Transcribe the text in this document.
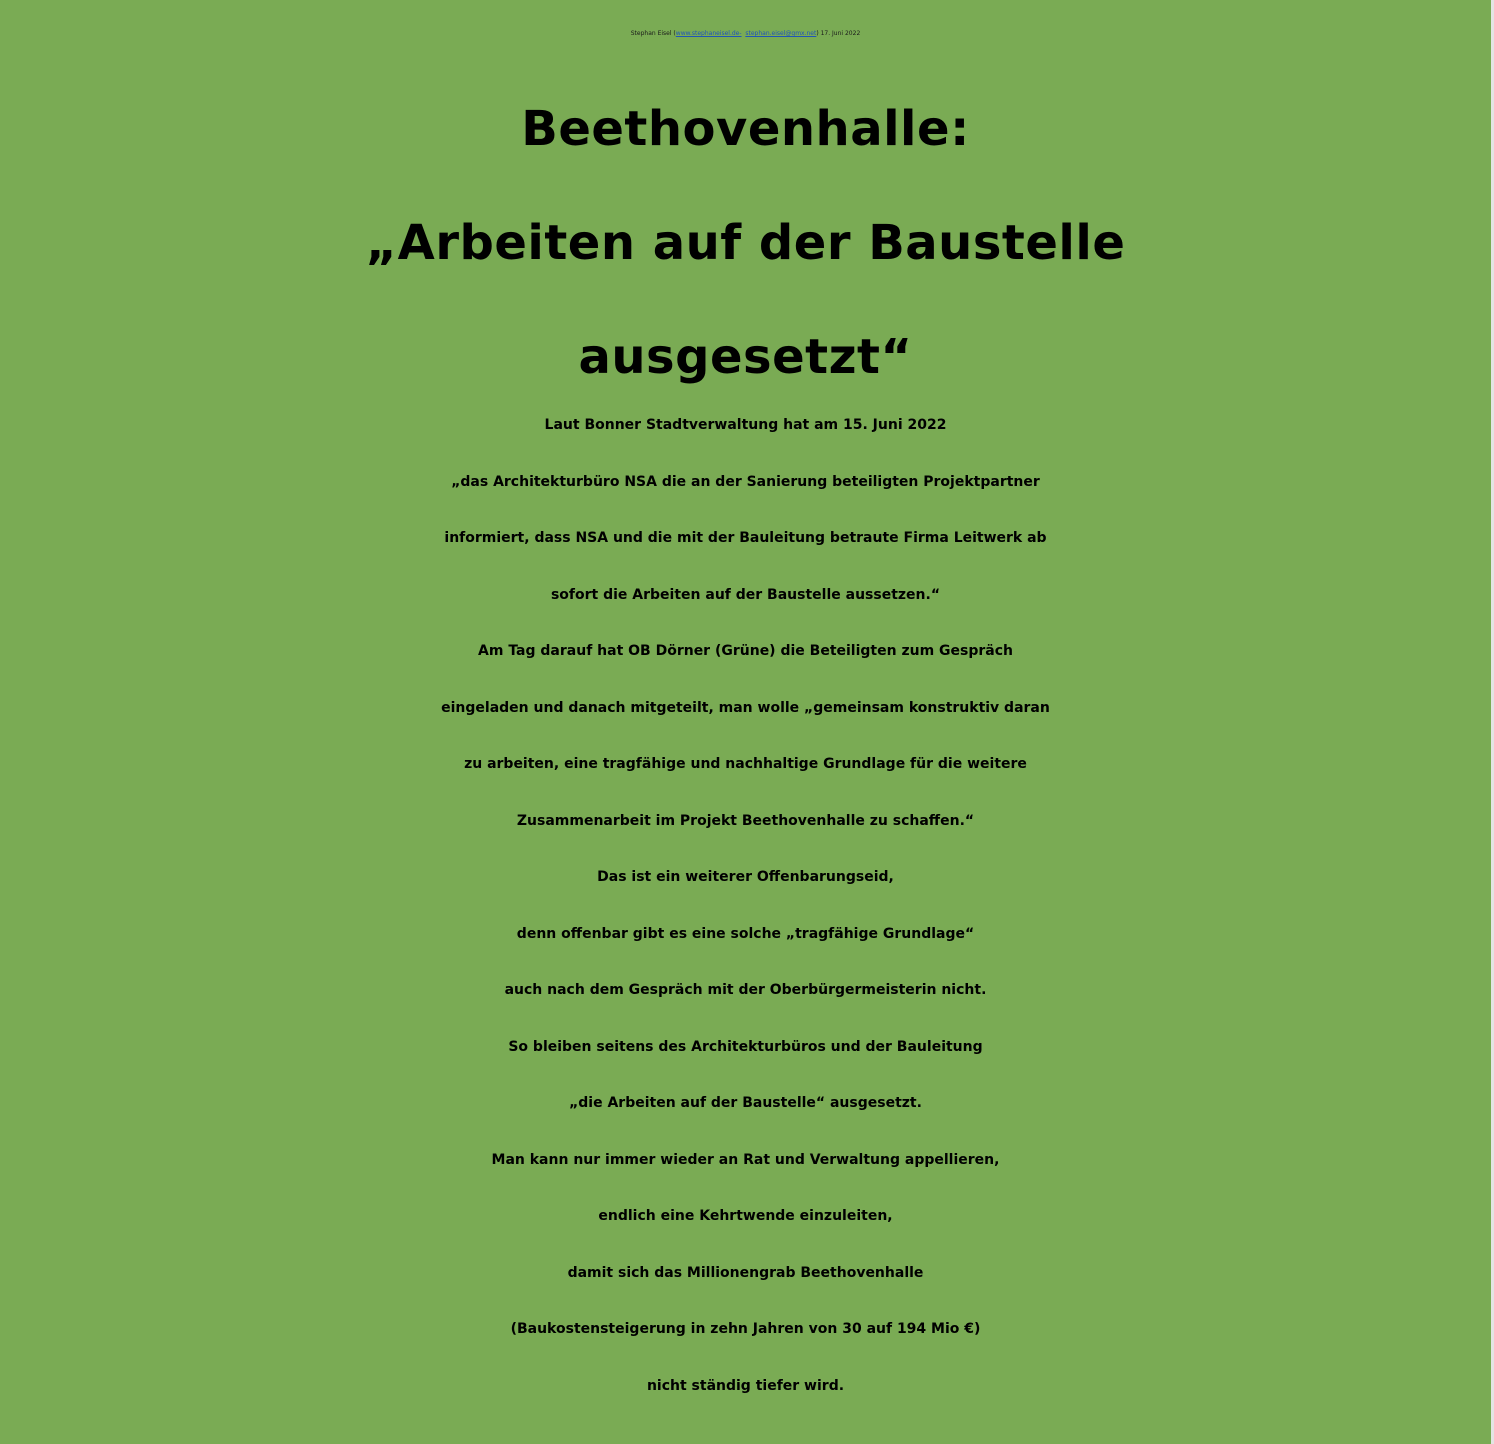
Stephan Eisel (www.stephaneisel.de- stephan.eisel@gmx.net) 17. Juni 2022
Beethovenhalle:
„Arbeiten auf der Baustelle
ausgesetzt“
Laut Bonner Stadtverwaltung hat am 15. Juni 2022
„das Architekturbüro NSA die an der Sanierung beteiligten Projektpartner
informiert, dass NSA und die mit der Bauleitung betraute Firma Leitwerk ab
sofort die Arbeiten auf der Baustelle aussetzen.“
Am Tag darauf hat OB Dörner (Grüne) die Beteiligten zum Gespräch
eingeladen und danach mitgeteilt, man wolle „gemeinsam konstruktiv daran
zu arbeiten, eine tragfähige und nachhaltige Grundlage für die weitere
Zusammenarbeit im Projekt Beethovenhalle zu schaffen.“
Das ist ein weiterer Offenbarungseid,
denn offenbar gibt es eine solche „tragfähige Grundlage“
auch nach dem Gespräch mit der Oberbürgermeisterin nicht.
So bleiben seitens des Architekturbüros und der Bauleitung
„die Arbeiten auf der Baustelle“ ausgesetzt.
Man kann nur immer wieder an Rat und Verwaltung appellieren,
endlich eine Kehrtwende einzuleiten,
damit sich das Millionengrab Beethovenhalle
(Baukostensteigerung in zehn Jahren von 30 auf 194 Mio €)
nicht ständig tiefer wird.
